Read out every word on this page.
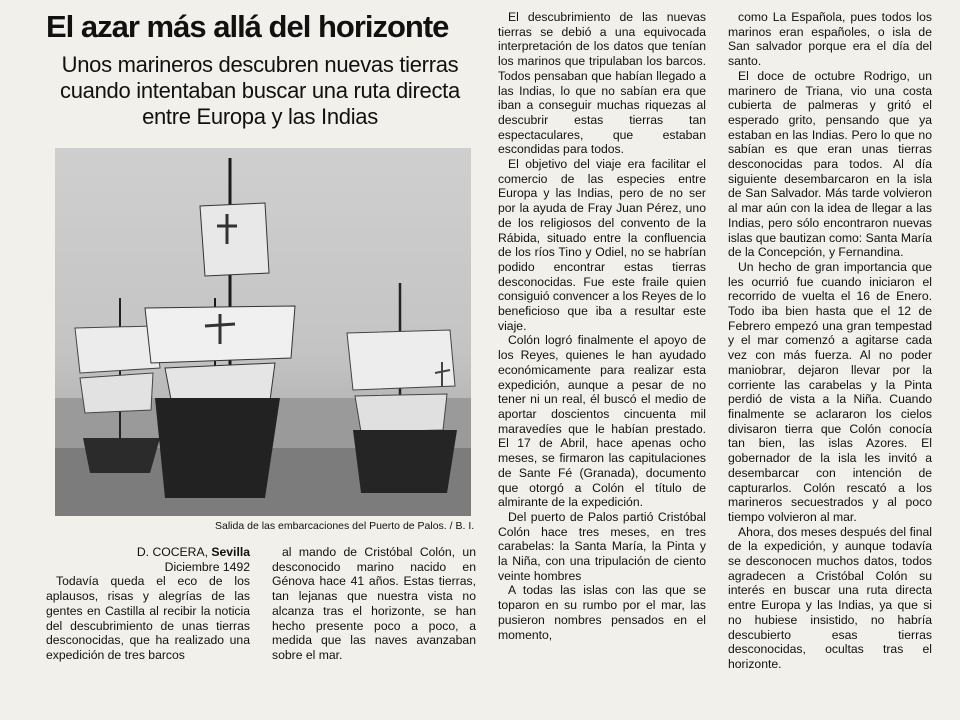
El azar más allá del horizonte
Unos marineros descubren nuevas tierras cuando intentaban buscar una ruta directa entre Europa y las Indias
Salida de las embarcaciones del Puerto de Palos. / B. I.
D. COCERA, Sevilla
Diciembre 1492

Todavía queda el eco de los aplausos, risas y alegrías de las gentes en Castilla al recibir la noticia del descubrimiento de unas tierras desconocidas, que ha realizado una expedición de tres barcos

al mando de Cristóbal Colón, un desconocido marino nacido en Génova hace 41 años. Estas tierras, tan lejanas que nuestra vista no alcanza tras el horizonte, se han hecho presente poco a poco, a medida que las naves avanzaban sobre el mar.

El descubrimiento de las nuevas tierras se debió a una equivocada interpretación de los datos que tenían los marinos que tripulaban los barcos. Todos pensaban que habían llegado a las Indias, lo que no sabían era que iban a conseguir muchas riquezas al descubrir estas tierras tan espectaculares, que estaban escondidas para todos.

El objetivo del viaje era facilitar el comercio de las especies entre Europa y las Indias, pero de no ser por la ayuda de Fray Juan Pérez, uno de los religiosos del convento de la Rábida, situado entre la confluencia de los ríos Tino y Odiel, no se habrían podido encontrar estas tierras desconocidas. Fue este fraile quien consiguió convencer a los Reyes de lo beneficioso que iba a resultar este viaje.

Colón logró finalmente el apoyo de los Reyes, quienes le han ayudado económicamente para realizar esta expedición, aunque a pesar de no tener ni un real, él buscó el medio de aportar doscientos cincuenta mil maravedíes que le habían prestado. El 17 de Abril, hace apenas ocho meses, se firmaron las capitulaciones de Sante Fé (Granada), documento que otorgó a Colón el título de almirante de la expedición.

Del puerto de Palos partió Cristóbal Colón hace tres meses, en tres carabelas: la Santa María, la Pinta y la Niña, con una tripulación de ciento veinte hombres

A todas las islas con las que se toparon en su rumbo por el mar, las pusieron nombres pensados en el momento,

como La Española, pues todos los marinos eran españoles, o isla de San salvador porque era el día del santo.

El doce de octubre Rodrigo, un marinero de Triana, vio una costa cubierta de palmeras y gritó el esperado grito, pensando que ya estaban en las Indias. Pero lo que no sabían es que eran unas tierras desconocidas para todos. Al día siguiente desembarcaron en la isla de San Salvador. Más tarde volvieron al mar aún con la idea de llegar a las Indias, pero sólo encontraron nuevas islas que bautizan como: Santa María de la Concepción, y Fernandina.

Un hecho de gran importancia que les ocurrió fue cuando iniciaron el recorrido de vuelta el 16 de Enero. Todo iba bien hasta que el 12 de Febrero empezó una gran tempestad y el mar comenzó a agitarse cada vez con más fuerza. Al no poder maniobrar, dejaron llevar por la corriente las carabelas y la Pinta perdió de vista a la Niña. Cuando finalmente se aclararon los cielos divisaron tierra que Colón conocía tan bien, las islas Azores. El gobernador de la isla les invitó a desembarcar con intención de capturarlos. Colón rescató a los marineros secuestrados y al poco tiempo volvieron al mar.

Ahora, dos meses después del final de la expedición, y aunque todavía se desconocen muchos datos, todos agradecen a Cristóbal Colón su interés en buscar una ruta directa entre Europa y las Indias, ya que si no hubiese insistido, no habría descubierto esas tierras desconocidas, ocultas tras el horizonte.
